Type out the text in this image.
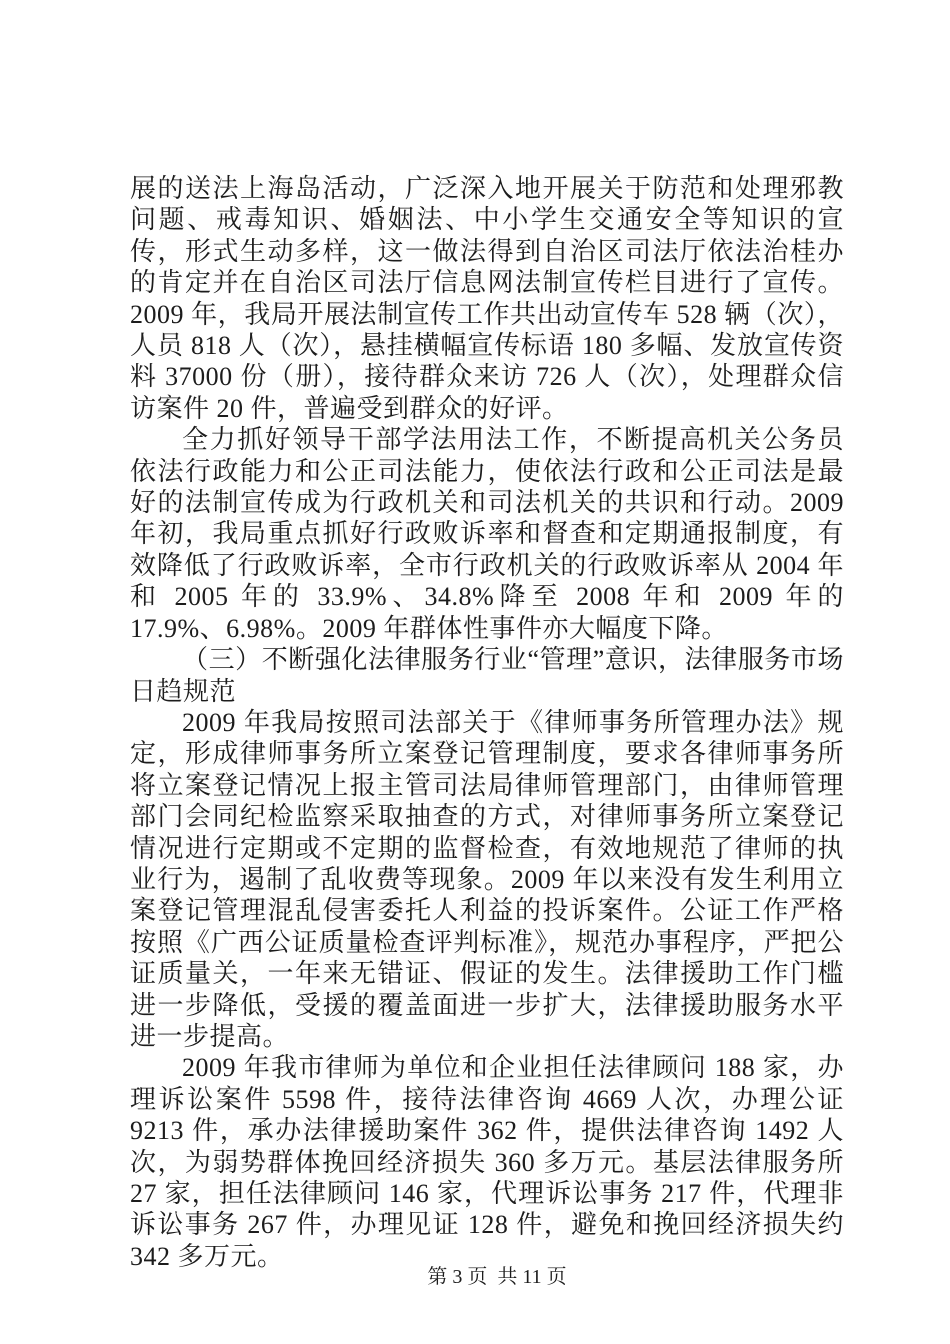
展的送法上海岛活动，广泛深入地开展关于防范和处理邪教问题、戒毒知识、婚姻法、中小学生交通安全等知识的宣传，形式生动多样，这一做法得到自治区司法厅依法治桂办的肯定并在自治区司法厅信息网法制宣传栏目进行了宣传。2009 年，我局开展法制宣传工作共出动宣传车 528 辆（次），人员 818 人（次），悬挂横幅宣传标语 180 多幅、发放宣传资料 37000 份（册），接待群众来访 726 人（次），处理群众信访案件 20 件，普遍受到群众的好评。

全力抓好领导干部学法用法工作，不断提高机关公务员依法行政能力和公正司法能力，使依法行政和公正司法是最好的法制宣传成为行政机关和司法机关的共识和行动。2009 年初，我局重点抓好行政败诉率和督查和定期通报制度，有效降低了行政败诉率，全市行政机关的行政败诉率从 2004 年和 2005 年的 33.9%、34.8%降至 2008 年和 2009 年的 17.9%、6.98%。2009 年群体性事件亦大幅度下降。

（三）不断强化法律服务行业“管理”意识，法律服务市场日趋规范

2009 年我局按照司法部关于《律师事务所管理办法》规定，形成律师事务所立案登记管理制度，要求各律师事务所将立案登记情况上报主管司法局律师管理部门，由律师管理部门会同纪检监察采取抽查的方式，对律师事务所立案登记情况进行定期或不定期的监督检查，有效地规范了律师的执业行为，遏制了乱收费等现象。2009 年以来没有发生利用立案登记管理混乱侵害委托人利益的投诉案件。公证工作严格按照《广西公证质量检查评判标准》，规范办事程序，严把公证质量关，一年来无错证、假证的发生。法律援助工作门槛进一步降低，受援的覆盖面进一步扩大，法律援助服务水平进一步提高。

2009 年我市律师为单位和企业担任法律顾问 188 家，办理诉讼案件 5598 件，接待法律咨询 4669 人次，办理公证 9213 件，承办法律援助案件 362 件，提供法律咨询 1492 人次，为弱势群体挽回经济损失 360 多万元。基层法律服务所 27 家，担任法律顾问 146 家，代理诉讼事务 217 件，代理非诉讼事务 267 件，办理见证 128 件，避免和挽回经济损失约 342 多万元。

第 3 页  共 11 页
